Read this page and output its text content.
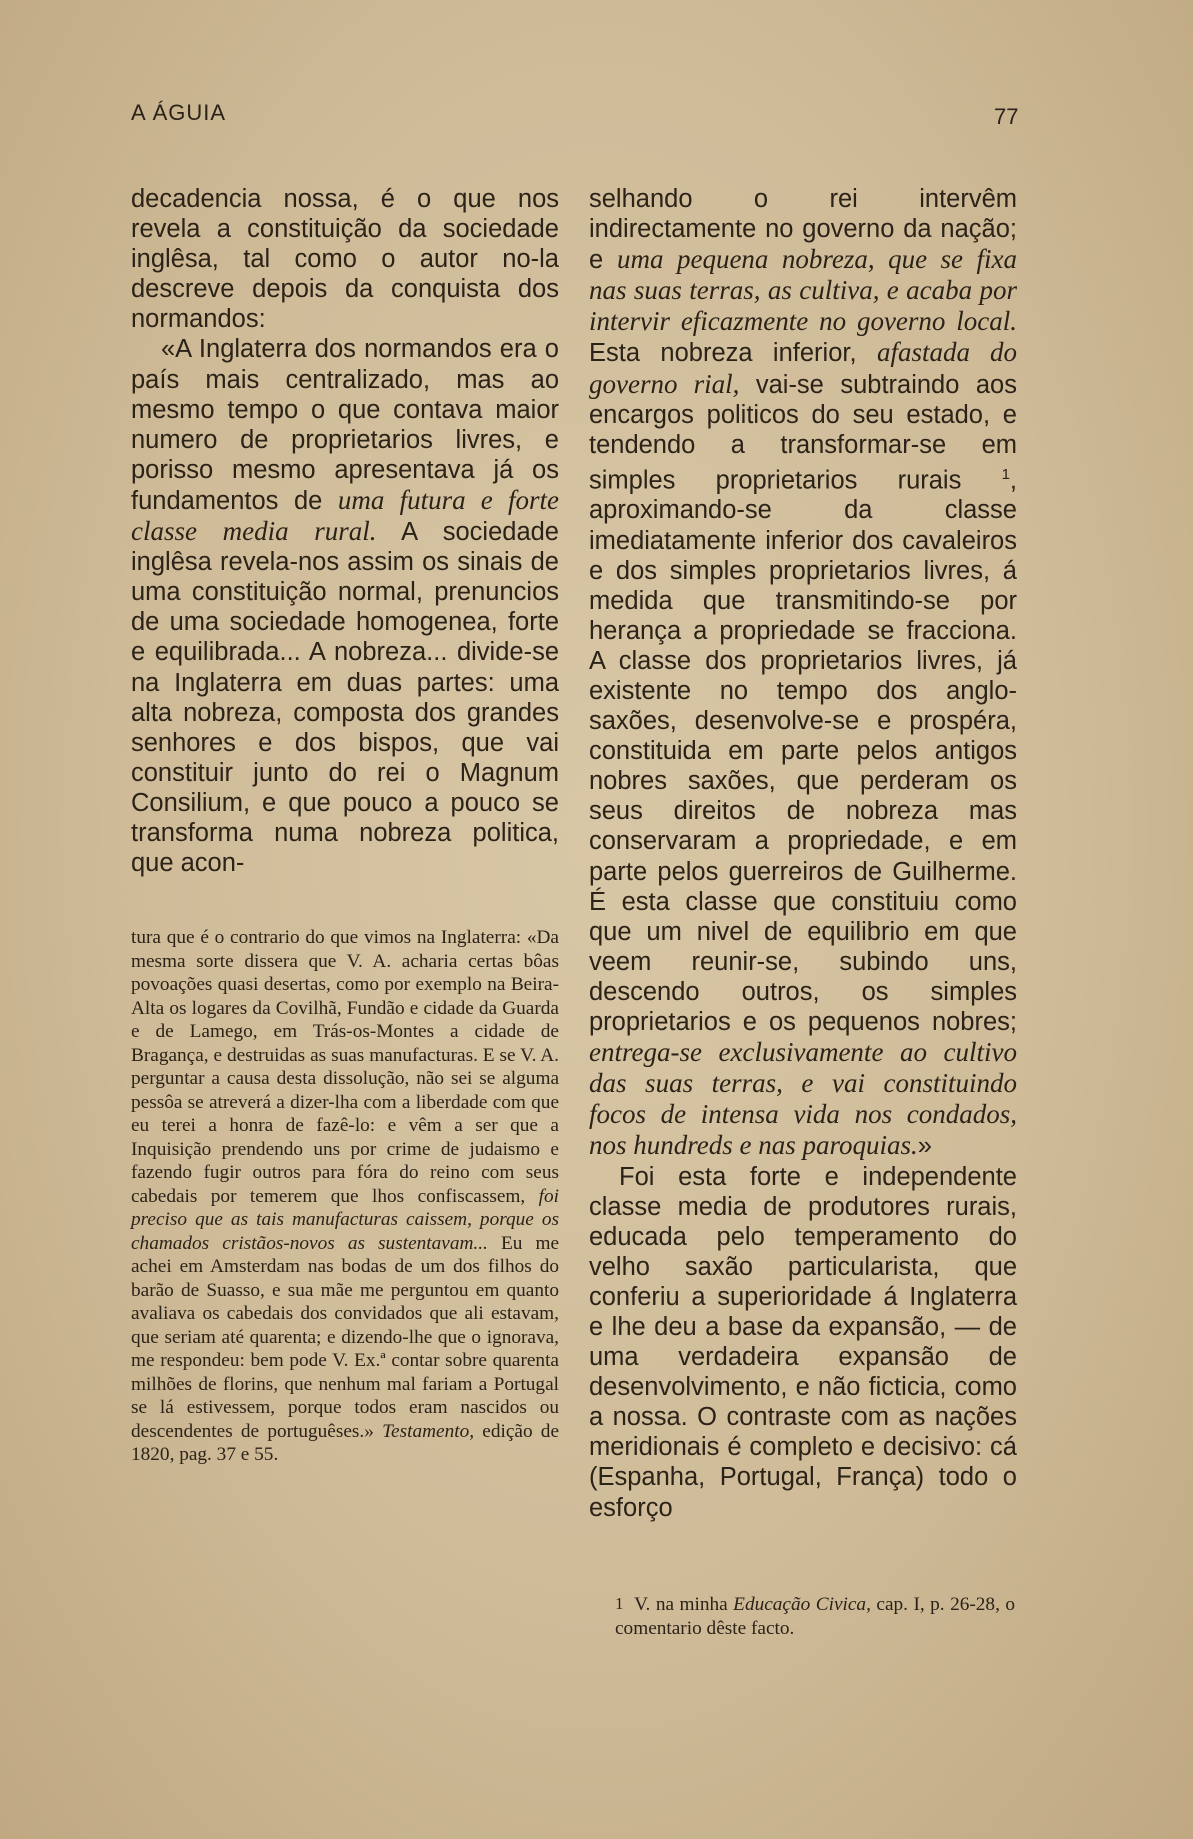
A ÁGUIA	77

decadencia nossa, é o que nos revela a constituição da sociedade inglêsa, tal como o autor no-la descreve depois da conquista dos normandos:
«A Inglaterra dos normandos era o país mais centralizado, mas ao mesmo tempo o que contava maior numero de proprietarios livres, e porisso mesmo apresentava já os fundamentos de uma futura e forte classe media rural. A sociedade inglêsa revela-nos assim os sinais de uma constituição normal, prenuncios de uma sociedade homogenea, forte e equilibrada... A nobreza... divide-se na Inglaterra em duas partes: uma alta nobreza, composta dos grandes senhores e dos bispos, que vai constituir junto do rei o Magnum Consilium, e que pouco a pouco se transforma numa nobreza politica, que acon-

tura que é o contrario do que vimos na Inglaterra: «Da mesma sorte dissera que V. A. acharia certas bôas povoações quasi desertas, como por exemplo na Beira-Alta os logares da Covilhã, Fundão e cidade da Guarda e de Lamego, em Trás-os-Montes a cidade de Bragança, e destruidas as suas manufacturas. E se V. A. perguntar a causa desta dissolução, não sei se alguma pessôa se atreverá a dizer-lha com a liberdade com que eu terei a honra de fazê-lo: e vêm a ser que a Inquisição prendendo uns por crime de judaismo e fazendo fugir outros para fóra do reino com seus cabedais por temerem que lhos confiscassem, foi preciso que as tais manufacturas caissem, porque os chamados cristãos-novos as sustentavam... Eu me achei em Amsterdam nas bodas de um dos filhos do barão de Suasso, e sua mãe me perguntou em quanto avaliava os cabedais dos convidados que ali estavam, que seriam até quarenta; e dizendo-lhe que o ignorava, me respondeu: bem pode V. Ex.ª contar sobre quarenta milhões de florins, que nenhum mal fariam a Portugal se lá estivessem, porque todos eram nascidos ou descendentes de portuguêses.» Testamento, edição de 1820, pag. 37 e 55.

selhando o rei intervêm indirectamente no governo da nação; e uma pequena nobreza, que se fixa nas suas terras, as cultiva, e acaba por intervir eficazmente no governo local. Esta nobreza inferior, afastada do governo rial, vai-se subtraindo aos encargos politicos do seu estado, e tendendo a transformar-se em simples proprietarios rurais	$^1$, aproximando-se da classe imediatamente inferior dos cavaleiros e dos simples proprietarios livres, á medida que transmitindo-se por herança a propriedade se fracciona. A classe dos proprietarios livres, já existente no tempo dos anglo-saxões, desenvolve-se e prospéra, constituida em parte pelos antigos nobres saxões, que perderam os seus direitos de nobreza mas conservaram a propriedade, e em parte pelos guerreiros de Guilherme. É esta classe que constituiu como que um nivel de equilibrio em que veem reunir-se, subindo uns, descendo outros, os simples proprietarios e os pequenos nobres; entrega-se exclusivamente ao cultivo das suas terras, e vai constituindo focos de intensa vida nos condados, nos hundreds e nas paroquias.»
Foi esta forte e independente classe media de produtores rurais, educada pelo temperamento do velho saxão particularista, que conferiu a superioridade á Inglaterra e lhe deu a base da expansão, — de uma verdadeira expansão de desenvolvimento, e não ficticia, como a nossa. O contraste com as nações meridionais é completo e decisivo: cá (Espanha, Portugal, França) todo o esforço

1 V. na minha Educação Civica, cap. I, p. 26-28, o comentario dêste facto.
